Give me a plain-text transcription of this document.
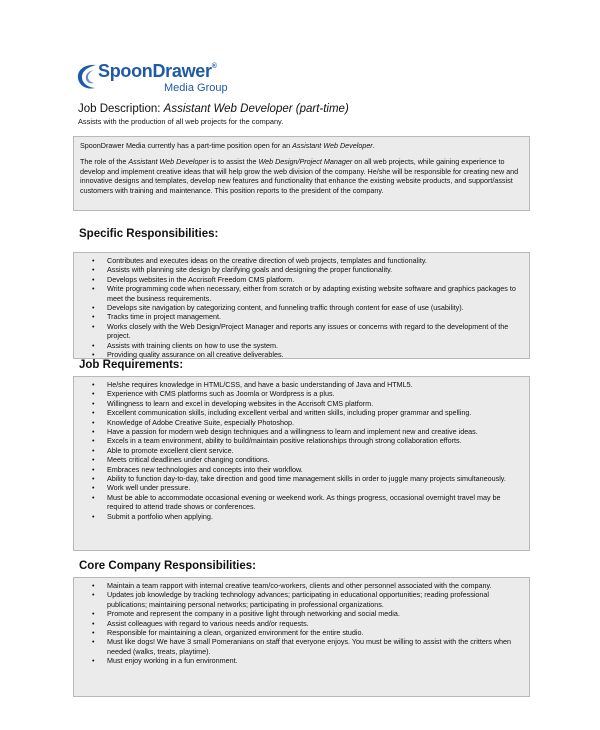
SpoonDrawer®
Media Group
Job Description: Assistant Web Developer (part-time)
Assists with the production of all web projects for the company.

SpoonDrawer Media currently has a part-time position open for an Assistant Web Developer.

The role of the Assistant Web Developer is to assist the Web Design/Project Manager on all web projects, while gaining experience to develop and implement creative ideas that will help grow the web division of the company. He/she will be responsible for creating new and innovative designs and templates, develop new features and functionality that enhance the existing website products, and support/assist customers with training and maintenance. This position reports to the president of the company.

Specific Responsibilities:
• Contributes and executes ideas on the creative direction of web projects, templates and functionality.
• Assists with planning site design by clarifying goals and designing the proper functionality.
• Develops websites in the Accrisoft Freedom CMS platform.
• Write programming code when necessary, either from scratch or by adapting existing website software and graphics packages to meet the business requirements.
• Develops site navigation by categorizing content, and funneling traffic through content for ease of use (usability).
• Tracks time in project management.
• Works closely with the Web Design/Project Manager and reports any issues or concerns with regard to the development of the project.
• Assists with training clients on how to use the system.
• Providing quality assurance on all creative deliverables.
Job Requirements:
• He/she requires knowledge in HTML/CSS, and have a basic understanding of Java and HTML5.
• Experience with CMS platforms such as Joomla or Wordpress is a plus.
• Willingness to learn and excel in developing websites in the Accrisoft CMS platform.
• Excellent communication skills, including excellent verbal and written skills, including proper grammar and spelling.
• Knowledge of Adobe Creative Suite, especially Photoshop.
• Have a passion for modern web design techniques and a willingness to learn and implement new and creative ideas.
• Excels in a team environment, ability to build/maintain positive relationships through strong collaboration efforts.
• Able to promote excellent client service.
• Meets critical deadlines under changing conditions.
• Embraces new technologies and concepts into their workflow.
• Ability to function day-to-day, take direction and good time management skills in order to juggle many projects simultaneously.
• Work well under pressure.
• Must be able to accommodate occasional evening or weekend work. As things progress, occasional overnight travel may be required to attend trade shows or conferences.
• Submit a portfolio when applying.
Core Company Responsibilities:
• Maintain a team rapport with internal creative team/co-workers, clients and other personnel associated with the company.
• Updates job knowledge by tracking technology advances; participating in educational opportunities; reading professional publications; maintaining personal networks; participating in professional organizations.
• Promote and represent the company in a positive light through networking and social media.
• Assist colleagues with regard to various needs and/or requests.
• Responsible for maintaining a clean, organized environment for the entire studio.
• Must like dogs! We have 3 small Pomeranians on staff that everyone enjoys. You must be willing to assist with the critters when needed (walks, treats, playtime).
• Must enjoy working in a fun environment.
